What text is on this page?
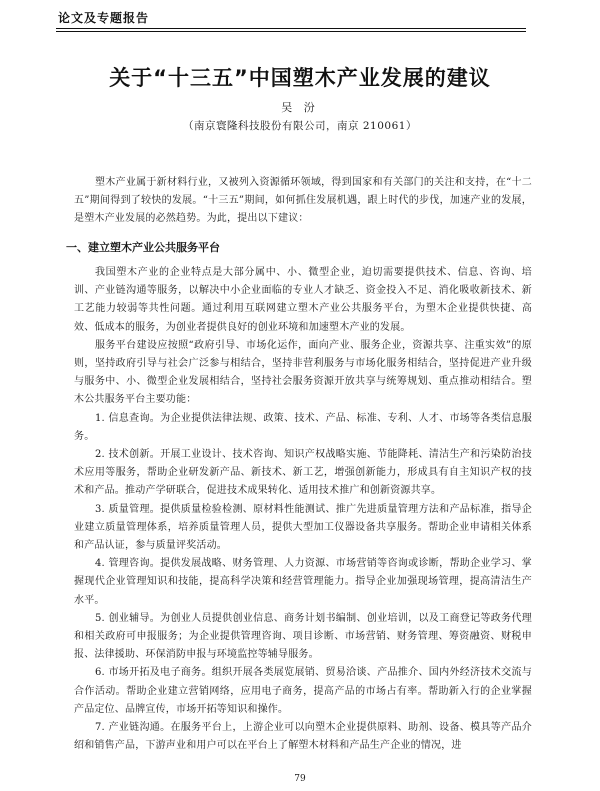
论文及专题报告
关于“十三五”中国塑木产业发展的建议
吴 汾
（南京寰隆科技股份有限公司，南京 210061）

塑木产业属于新材料行业，又被列入资源循环领域，得到国家和有关部门的关注和支持，在“十二五”期间得到了较快的发展。“十三五”期间，如何抓住发展机遇，跟上时代的步伐，加速产业的发展，是塑木产业发展的必然趋势。为此，提出以下建议：

一、建立塑木产业公共服务平台

我国塑木产业的企业特点是大部分属中、小、微型企业，迫切需要提供技术、信息、咨询、培训、产业链沟通等服务，以解决中小企业面临的专业人才缺乏、资金投入不足、消化吸收新技术、新工艺能力较弱等共性问题。通过利用互联网建立塑木产业公共服务平台，为塑木企业提供快捷、高效、低成本的服务，为创业者提供良好的创业环境和加速塑木产业的发展。

服务平台建设应按照“政府引导、市场化运作，面向产业、服务企业，资源共享、注重实效”的原则，坚持政府引导与社会广泛参与相结合，坚持非营利服务与市场化服务相结合，坚持促进产业升级与服务中、小、微型企业发展相结合，坚持社会服务资源开放共享与统筹规划、重点推动相结合。塑木公共服务平台主要功能：

1. 信息查询。为企业提供法律法规、政策、技术、产品、标准、专利、人才、市场等各类信息服务。

2. 技术创新。开展工业设计、技术咨询、知识产权战略实施、节能降耗、清洁生产和污染防治技术应用等服务，帮助企业研发新产品、新技术、新工艺，增强创新能力，形成具有自主知识产权的技术和产品。推动产学研联合，促进技术成果转化、适用技术推广和创新资源共享。

3. 质量管理。提供质量检验检测、原材料性能测试、推广先进质量管理方法和产品标准，指导企业建立质量管理体系，培养质量管理人员，提供大型加工仪器设备共享服务。帮助企业申请相关体系和产品认证，参与质量评奖活动。

4. 管理咨询。提供发展战略、财务管理、人力资源、市场营销等咨询或诊断，帮助企业学习、掌握现代企业管理知识和技能，提高科学决策和经营管理能力。指导企业加强现场管理，提高清洁生产水平。

5. 创业辅导。为创业人员提供创业信息、商务计划书编制、创业培训，以及工商登记等政务代理和相关政府可申报服务；为企业提供管理咨询、项目诊断、市场营销、财务管理、筹资融资、财税申报、法律援助、环保消防申报与环境监控等辅导服务。

6. 市场开拓及电子商务。组织开展各类展览展销、贸易洽谈、产品推介、国内外经济技术交流与合作活动。帮助企业建立营销网络，应用电子商务，提高产品的市场占有率。帮助新入行的企业掌握产品定位、品牌宣传，市场开拓等知识和操作。

7. 产业链沟通。在服务平台上，上游企业可以向塑木企业提供原料、助剂、设备、模具等产品介绍和销售产品，下游声业和用户可以在平台上了解塑木材料和产品生产企业的情况，进

79
